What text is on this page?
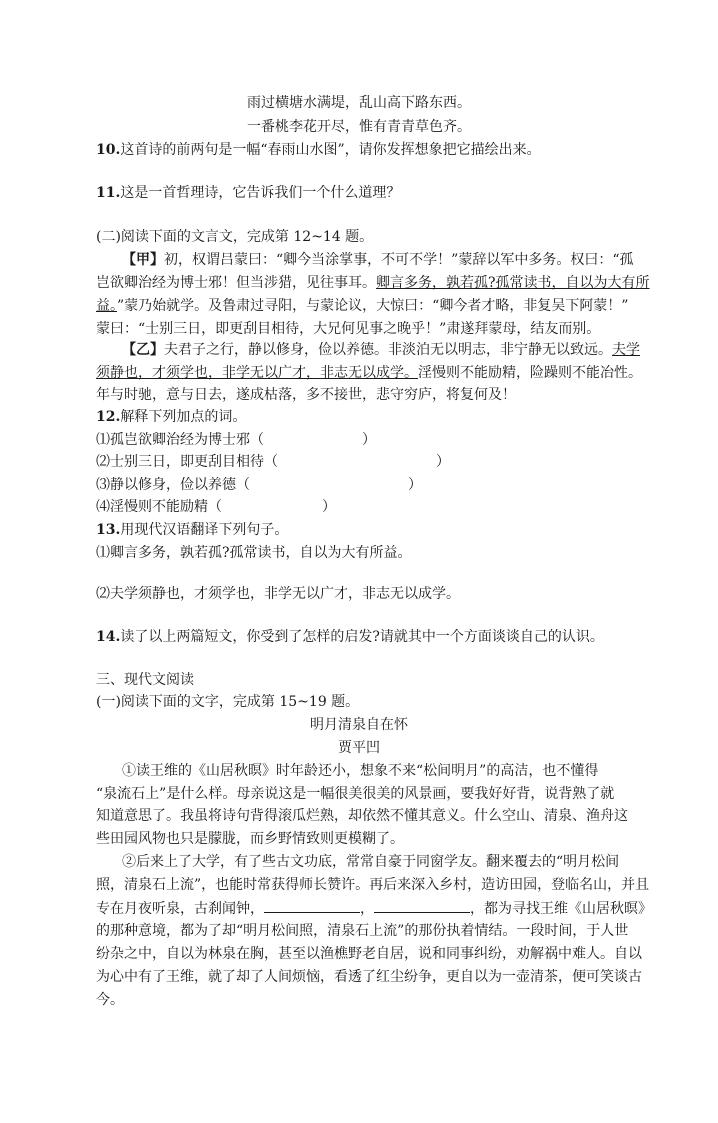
雨过横塘水满堤，乱山高下路东西。
一番桃李花开尽，惟有青青草色齐。
10.这首诗的前两句是一幅“春雨山水图”，请你发挥想象把它描绘出来。
11.这是一首哲理诗，它告诉我们一个什么道理？
(二)阅读下面的文言文，完成第 12~14 题。
【甲】初，权谓吕蒙曰：“卿今当涂掌事，不可不学！”蒙辞以军中多务。权曰：“孤
岂欲卿治经为博士邪！但当涉猎，见往事耳。卿言多务，孰若孤?孤常读书，自以为大有所
益。”蒙乃始就学。及鲁肃过寻阳，与蒙论议，大惊曰：“卿今者才略，非复吴下阿蒙！”
蒙曰：“士别三日，即更刮目相待，大兄何见事之晚乎！”肃遂拜蒙母，结友而别。
【乙】夫君子之行，静以修身，俭以养德。非淡泊无以明志，非宁静无以致远。夫学
须静也，才须学也，非学无以广才，非志无以成学。淫慢则不能励精，险躁则不能冶性。
年与时驰，意与日去，遂成枯落，多不接世，悲守穷庐，将复何及！
12.解释下列加点的词。
⑴孤岂欲卿治经为博士邪（	）
⑵士别三日，即更刮目相待（	）
⑶静以修身，俭以养德（	）
⑷淫慢则不能励精（	）
13.用现代汉语翻译下列句子。
⑴卿言多务，孰若孤?孤常读书，自以为大有所益。
⑵夫学须静也，才须学也，非学无以广才，非志无以成学。
14.读了以上两篇短文，你受到了怎样的启发?请就其中一个方面谈谈自己的认识。
三、现代文阅读
(一)阅读下面的文字，完成第 15~19 题。
明月清泉自在怀
贾平凹
①读王维的《山居秋暝》时年龄还小，想象不来“松间明月”的高洁，也不懂得
“泉流石上”是什么样。母亲说这是一幅很美很美的风景画，要我好好背，说背熟了就
知道意思了。我虽将诗句背得滚瓜烂熟，却依然不懂其意义。什么空山、清泉、渔舟这
些田园风物也只是朦胧，而乡野情致则更模糊了。
②后来上了大学，有了些古文功底，常常自豪于同窗学友。翻来覆去的“明月松间
照，清泉石上流”，也能时常获得师长赞许。再后来深入乡村，造访田园，登临名山，并且
专在月夜听泉，古刹闻钟，	，	，都为寻找王维《山居秋暝》
的那种意境，都为了却“明月松间照，清泉石上流”的那份执着情结。一段时间，于人世
纷杂之中，自以为林泉在胸，甚至以渔樵野老自居，说和同事纠纷，劝解祸中难人。自以
为心中有了王维，就了却了人间烦恼，看透了红尘纷争，更自以为一壶清茶，便可笑谈古
今。
